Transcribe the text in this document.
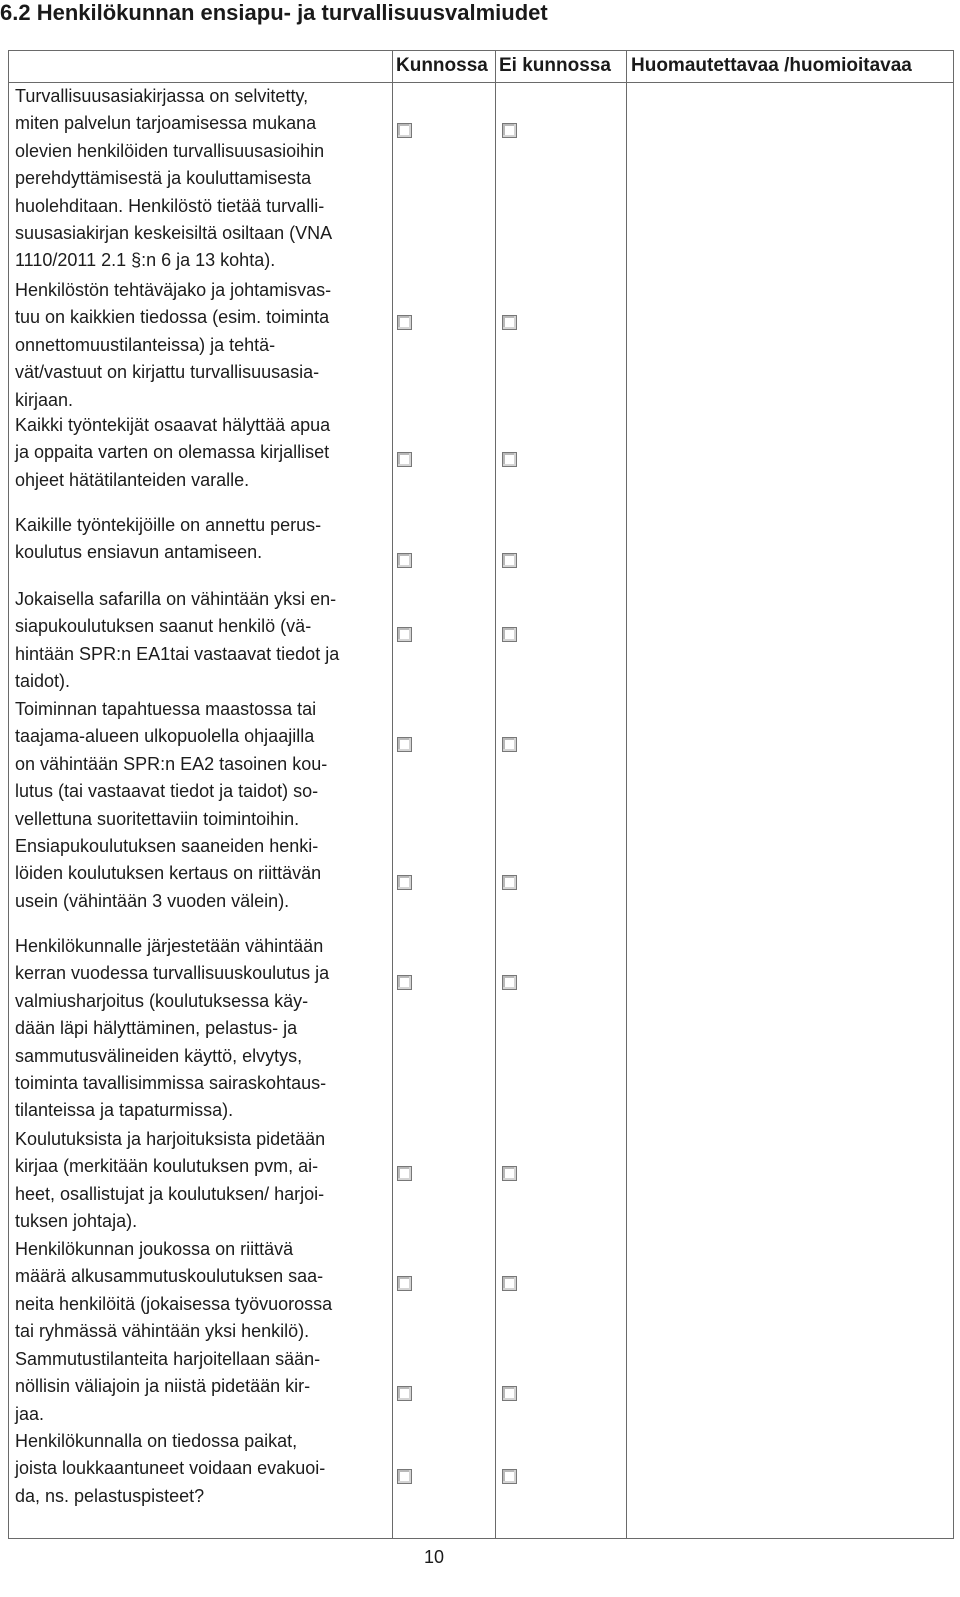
6.2 Henkilökunnan ensiapu- ja turvallisuusvalmiudet
Kunnossa Ei kunnossa Huomautettavaa /huomioitavaa
Turvallisuusasiakirjassa on selvitetty,
miten palvelun tarjoamisessa mukana
olevien henkilöiden turvallisuusasioihin
perehdyttämisestä ja kouluttamisesta
huolehditaan. Henkilöstö tietää turvalli-
suusasiakirjan keskeisiltä osiltaan (VNA
1110/2011 2.1 §:n 6 ja 13 kohta).
Henkilöstön tehtäväjako ja johtamisvas-
tuu on kaikkien tiedossa (esim. toiminta
onnettomuustilanteissa) ja tehtä-
vät/vastuut on kirjattu turvallisuusasia-
kirjaan.
Kaikki työntekijät osaavat hälyttää apua
ja oppaita varten on olemassa kirjalliset
ohjeet hätätilanteiden varalle.
Kaikille työntekijöille on annettu perus-
koulutus ensiavun antamiseen.
Jokaisella safarilla on vähintään yksi en-
siapukoulutuksen saanut henkilö (vä-
hintään SPR:n EA1tai vastaavat tiedot ja
taidot).
Toiminnan tapahtuessa maastossa tai
taajama-alueen ulkopuolella ohjaajilla
on vähintään SPR:n EA2 tasoinen kou-
lutus (tai vastaavat tiedot ja taidot) so-
vellettuna suoritettaviin toimintoihin.
Ensiapukoulutuksen saaneiden henki-
löiden koulutuksen kertaus on riittävän
usein (vähintään 3 vuoden välein).
Henkilökunnalle järjestetään vähintään
kerran vuodessa turvallisuuskoulutus ja
valmiusharjoitus (koulutuksessa käy-
dään läpi hälyttäminen, pelastus- ja
sammutusvälineiden käyttö, elvytys,
toiminta tavallisimmissa sairaskohtaus-
tilanteissa ja tapaturmissa).
Koulutuksista ja harjoituksista pidetään
kirjaa (merkitään koulutuksen pvm, ai-
heet, osallistujat ja koulutuksen/ harjoi-
tuksen johtaja).
Henkilökunnan joukossa on riittävä
määrä alkusammutuskoulutuksen saa-
neita henkilöitä (jokaisessa työvuorossa
tai ryhmässä vähintään yksi henkilö).
Sammutustilanteita harjoitellaan sään-
nöllisin väliajoin ja niistä pidetään kir-
jaa.
Henkilökunnalla on tiedossa paikat,
joista loukkaantuneet voidaan evakuoi-
da, ns. pelastuspisteet?
10
